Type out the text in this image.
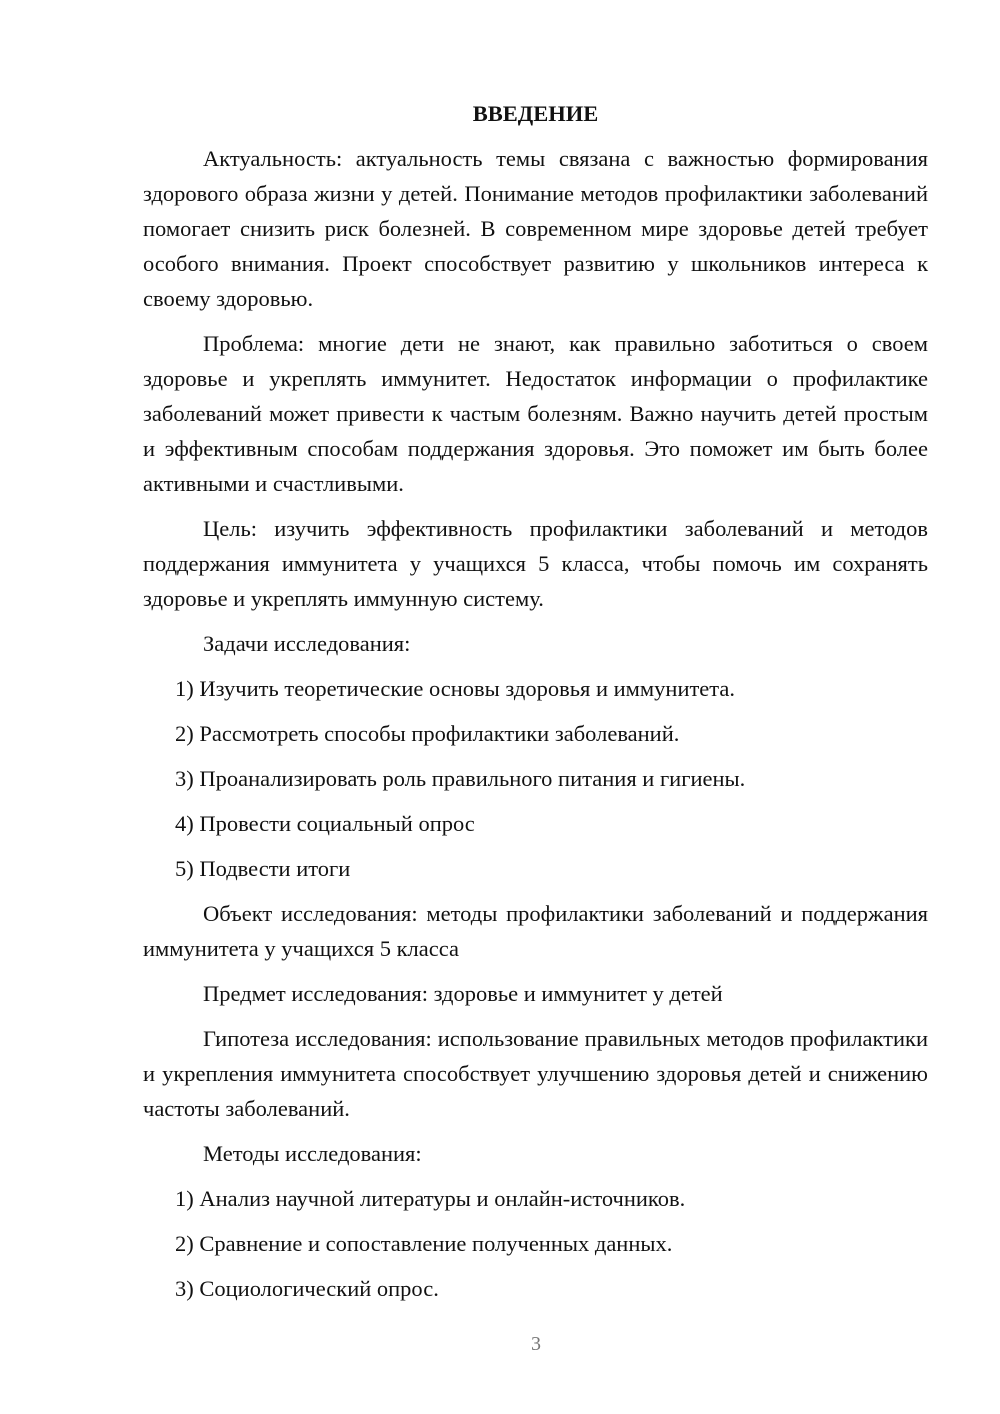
ВВЕДЕНИЕ

Актуальность: актуальность темы связана с важностью формирования здорового образа жизни у детей. Понимание методов профилактики заболеваний помогает снизить риск болезней. В современном мире здоровье детей требует особого внимания. Проект способствует развитию у школьников интереса к своему здоровью.

Проблема: многие дети не знают, как правильно заботиться о своем здоровье и укреплять иммунитет. Недостаток информации о профилактике заболеваний может привести к частым болезням. Важно научить детей простым и эффективным способам поддержания здоровья. Это поможет им быть более активными и счастливыми.

Цель: изучить эффективность профилактики заболеваний и методов поддержания иммунитета у учащихся 5 класса, чтобы помочь им сохранять здоровье и укреплять иммунную систему.

Задачи исследования:

1) Изучить теоретические основы здоровья и иммунитета.
2) Рассмотреть способы профилактики заболеваний.
3) Проанализировать роль правильного питания и гигиены.
4) Провести социальный опрос
5) Подвести итоги

Объект исследования: методы профилактики заболеваний и поддержания иммунитета у учащихся 5 класса

Предмет исследования: здоровье и иммунитет у детей

Гипотеза исследования: использование правильных методов профилактики и укрепления иммунитета способствует улучшению здоровья детей и снижению частоты заболеваний.

Методы исследования:

1) Анализ научной литературы и онлайн-источников.
2) Сравнение и сопоставление полученных данных.
3) Социологический опрос.
3
